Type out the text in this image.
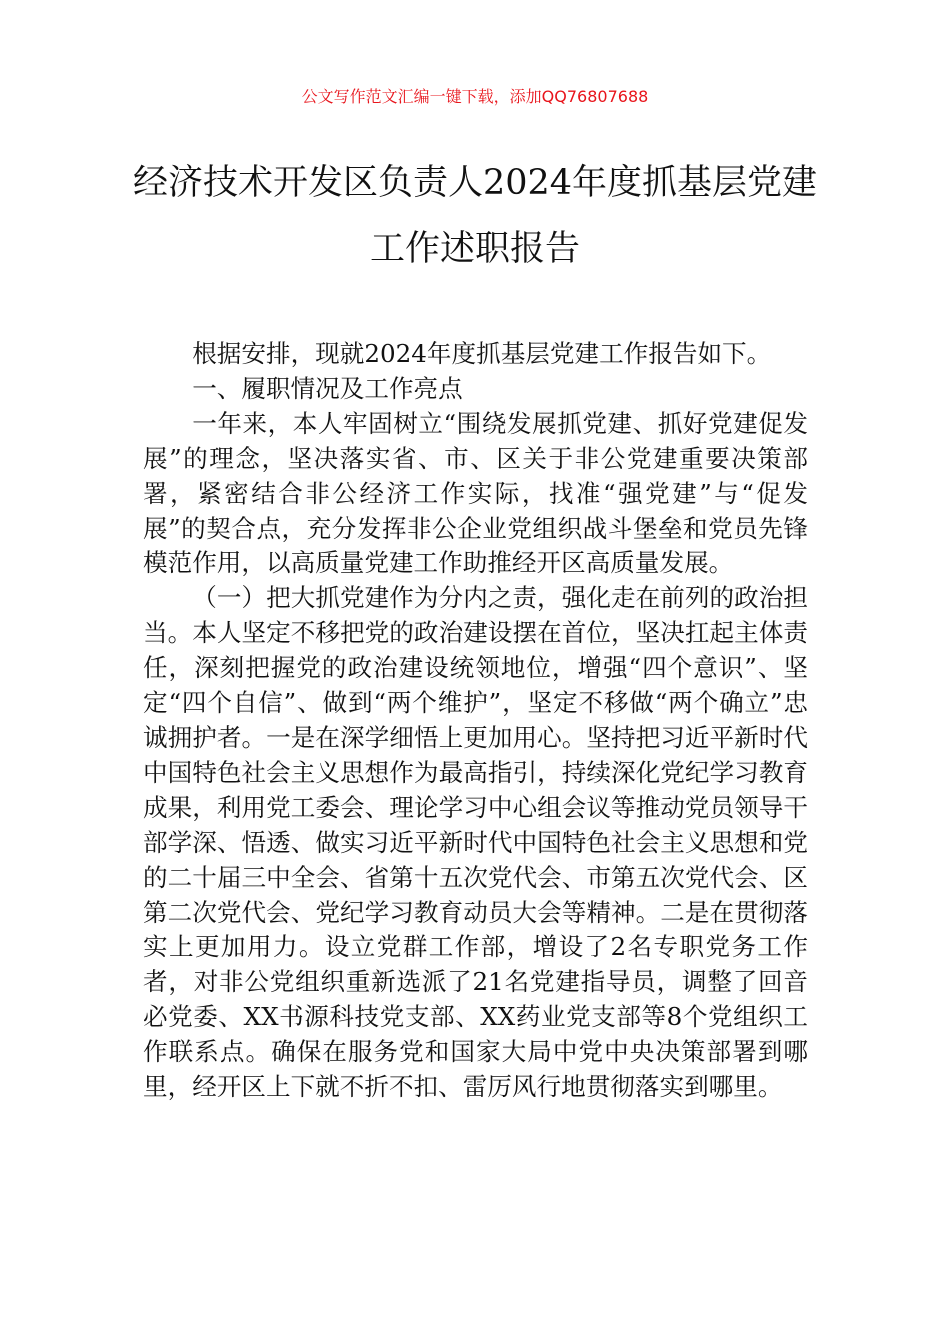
公文写作范文汇编一键下载，添加QQ76807688
经济技术开发区负责人2024年度抓基层党建工作述职报告

根据安排，现就2024年度抓基层党建工作报告如下。

一、履职情况及工作亮点

一年来，本人牢固树立“围绕发展抓党建、抓好党建促发展”的理念，坚决落实省、市、区关于非公党建重要决策部署，紧密结合非公经济工作实际，找准“强党建”与“促发展”的契合点，充分发挥非公企业党组织战斗堡垒和党员先锋模范作用，以高质量党建工作助推经开区高质量发展。

（一）把大抓党建作为分内之责，强化走在前列的政治担当。本人坚定不移把党的政治建设摆在首位，坚决扛起主体责任，深刻把握党的政治建设统领地位，增强“四个意识”、坚定“四个自信”、做到“两个维护”，坚定不移做“两个确立”忠诚拥护者。一是在深学细悟上更加用心。坚持把习近平新时代中国特色社会主义思想作为最高指引，持续深化党纪学习教育成果，利用党工委会、理论学习中心组会议等推动党员领导干部学深、悟透、做实习近平新时代中国特色社会主义思想和党的二十届三中全会、省第十五次党代会、市第五次党代会、区第二次党代会、党纪学习教育动员大会等精神。二是在贯彻落实上更加用力。设立党群工作部，增设了2名专职党务工作者，对非公党组织重新选派了21名党建指导员，调整了回音必党委、XX书源科技党支部、XX药业党支部等8个党组织工作联系点。确保在服务党和国家大局中党中央决策部署到哪里，经开区上下就不折不扣、雷厉风行地贯彻落实到哪里。
